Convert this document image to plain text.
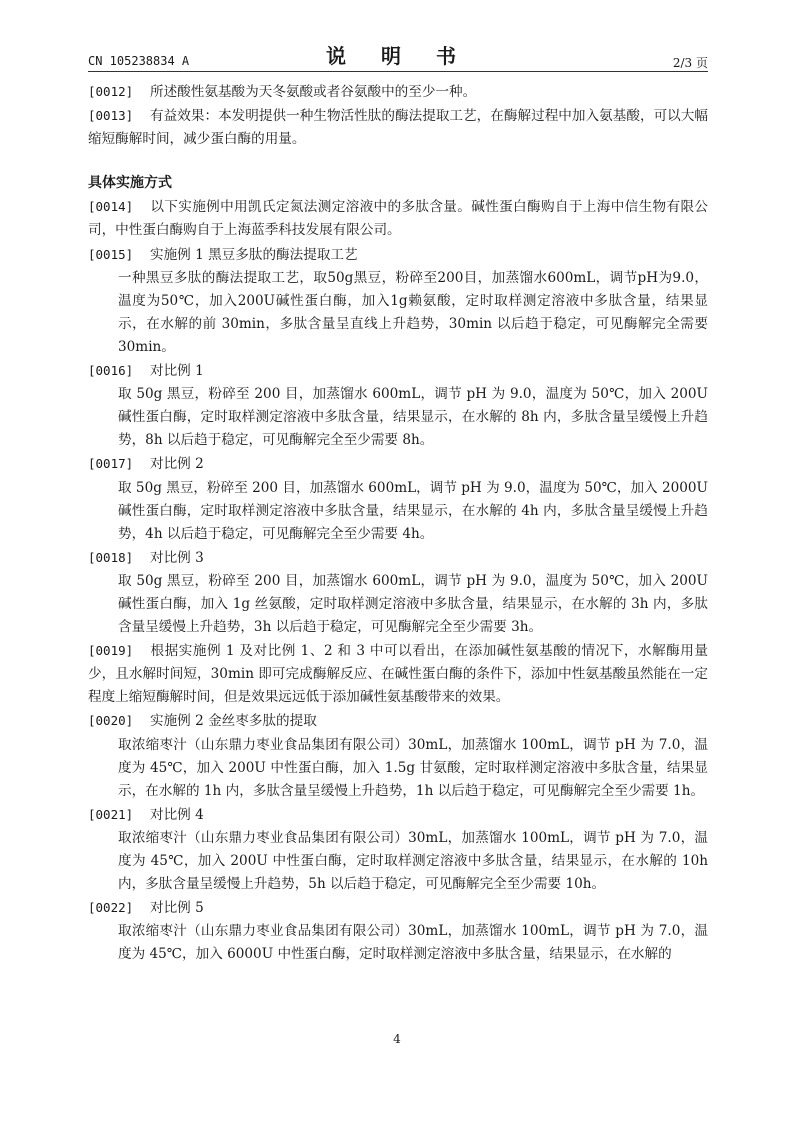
CN 105238834 A	说 明 书	2/3 页

[0012] 所述酸性氨基酸为天冬氨酸或者谷氨酸中的至少一种。

[0013] 有益效果：本发明提供一种生物活性肽的酶法提取工艺，在酶解过程中加入氨基酸，可以大幅缩短酶解时间，减少蛋白酶的用量。

具体实施方式

[0014] 以下实施例中用凯氏定氮法测定溶液中的多肽含量。碱性蛋白酶购自于上海中信生物有限公司，中性蛋白酶购自于上海蓝季科技发展有限公司。

[0015] 实施例 1 黑豆多肽的酶法提取工艺

一种黑豆多肽的酶法提取工艺，取50g黑豆，粉碎至200目，加蒸馏水600mL，调节pH为9.0，温度为50℃，加入200U碱性蛋白酶，加入1g赖氨酸，定时取样测定溶液中多肽含量，结果显示，在水解的前 30min，多肽含量呈直线上升趋势，30min 以后趋于稳定，可见酶解完全需要 30min。

[0016] 对比例 1

取 50g 黑豆，粉碎至 200 目，加蒸馏水 600mL，调节 pH 为 9.0，温度为 50℃，加入 200U 碱性蛋白酶，定时取样测定溶液中多肽含量，结果显示，在水解的 8h 内，多肽含量呈缓慢上升趋势，8h 以后趋于稳定，可见酶解完全至少需要 8h。

[0017] 对比例 2

取 50g 黑豆，粉碎至 200 目，加蒸馏水 600mL，调节 pH 为 9.0，温度为 50℃，加入 2000U 碱性蛋白酶，定时取样测定溶液中多肽含量，结果显示，在水解的 4h 内，多肽含量呈缓慢上升趋势，4h 以后趋于稳定，可见酶解完全至少需要 4h。

[0018] 对比例 3

取 50g 黑豆，粉碎至 200 目，加蒸馏水 600mL，调节 pH 为 9.0，温度为 50℃，加入 200U 碱性蛋白酶，加入 1g 丝氨酸，定时取样测定溶液中多肽含量，结果显示，在水解的 3h 内，多肽含量呈缓慢上升趋势，3h 以后趋于稳定，可见酶解完全至少需要 3h。

[0019] 根据实施例 1 及对比例 1、2 和 3 中可以看出，在添加碱性氨基酸的情况下，水解酶用量少，且水解时间短，30min 即可完成酶解反应、在碱性蛋白酶的条件下，添加中性氨基酸虽然能在一定程度上缩短酶解时间，但是效果远远低于添加碱性氨基酸带来的效果。

[0020] 实施例 2 金丝枣多肽的提取

取浓缩枣汁（山东鼎力枣业食品集团有限公司）30mL，加蒸馏水 100mL，调节 pH 为 7.0，温度为 45℃，加入 200U 中性蛋白酶，加入 1.5g 甘氨酸，定时取样测定溶液中多肽含量，结果显示，在水解的 1h 内，多肽含量呈缓慢上升趋势，1h 以后趋于稳定，可见酶解完全至少需要 1h。

[0021] 对比例 4

取浓缩枣汁（山东鼎力枣业食品集团有限公司）30mL，加蒸馏水 100mL，调节 pH 为 7.0，温度为 45℃，加入 200U 中性蛋白酶，定时取样测定溶液中多肽含量，结果显示，在水解的 10h 内，多肽含量呈缓慢上升趋势，5h 以后趋于稳定，可见酶解完全至少需要 10h。

[0022] 对比例 5

取浓缩枣汁（山东鼎力枣业食品集团有限公司）30mL，加蒸馏水 100mL，调节 pH 为 7.0，温度为 45℃，加入 6000U 中性蛋白酶，定时取样测定溶液中多肽含量，结果显示，在水解的

4
